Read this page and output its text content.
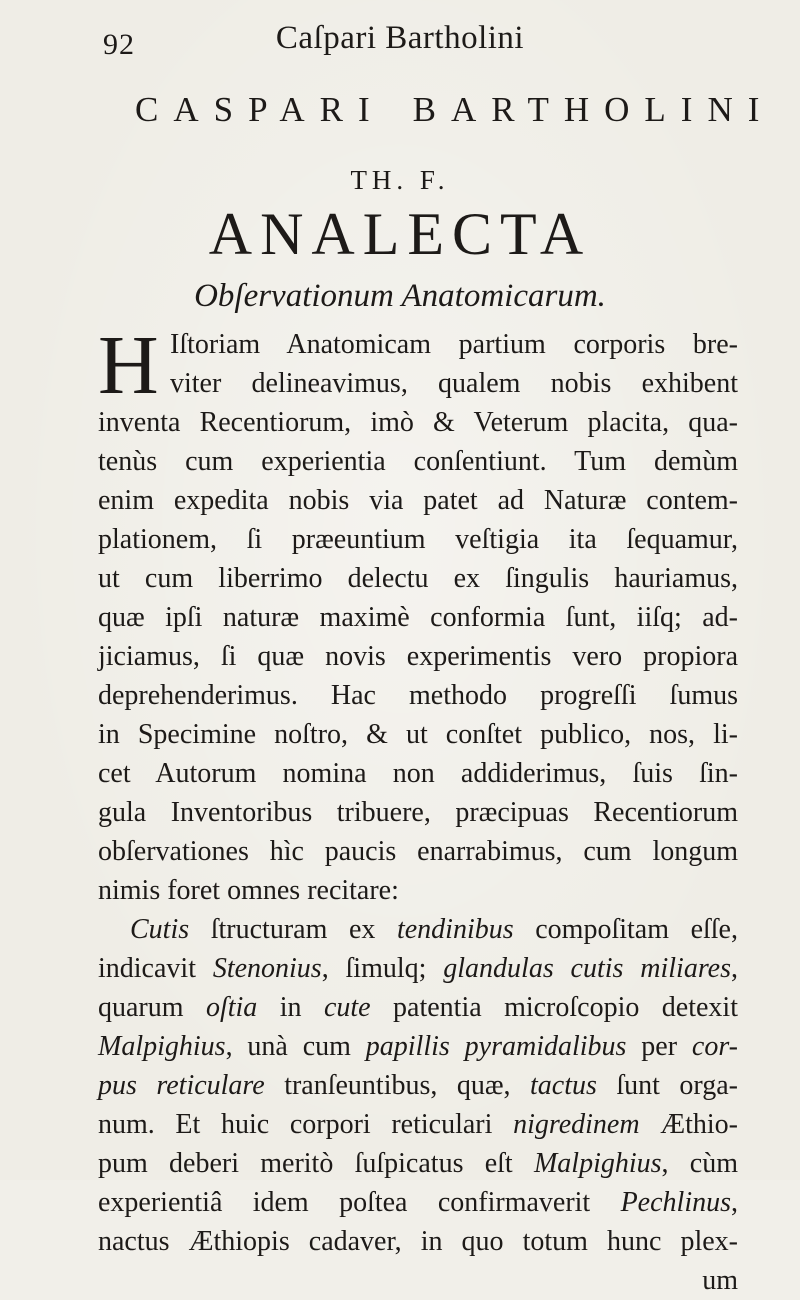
92	Caſpari Bartholini
CASPARI BARTHOLINI
TH. F.
ANALECTA
Obſervationum Anatomicarum.
H Iſtoriam Anatomicam partium corporis bre-
viter delineavimus, qualem nobis exhibent
inventa Recentiorum, imò & Veterum placita, qua-
tenùs cum experientia conſentiunt. Tum demùm
enim expedita nobis via patet ad Naturæ contem-
plationem, ſi præeuntium veſtigia ita ſequamur,
ut cum liberrimo delectu ex ſingulis hauriamus,
quæ ipſi naturæ maximè conformia ſunt, iiſq; ad-
jiciamus, ſi quæ novis experimentis vero propiora
deprehenderimus. Hac methodo progreſſi ſumus
in Specimine noſtro, & ut conſtet publico, nos, li-
cet Autorum nomina non addiderimus, ſuis ſin-
gula Inventoribus tribuere, præcipuas Recentiorum
obſervationes hìc paucis enarrabimus, cum longum
nimis foret omnes recitare:
Cutis ſtructuram ex tendinibus compoſitam eſſe,
indicavit Stenonius, ſimulq; glandulas cutis miliares,
quarum oſtia in cute patentia microſcopio detexit
Malpighius, unà cum papillis pyramidalibus per cor-
pus reticulare tranſeuntibus, quæ, tactus ſunt orga-
num. Et huic corpori reticulari nigredinem Æthio-
pum deberi meritò ſuſpicatus eſt Malpighius, cùm
experientiâ idem poſtea confirmaverit Pechlinus,
nactus Æthiopis cadaver, in quo totum hunc plex-
um
